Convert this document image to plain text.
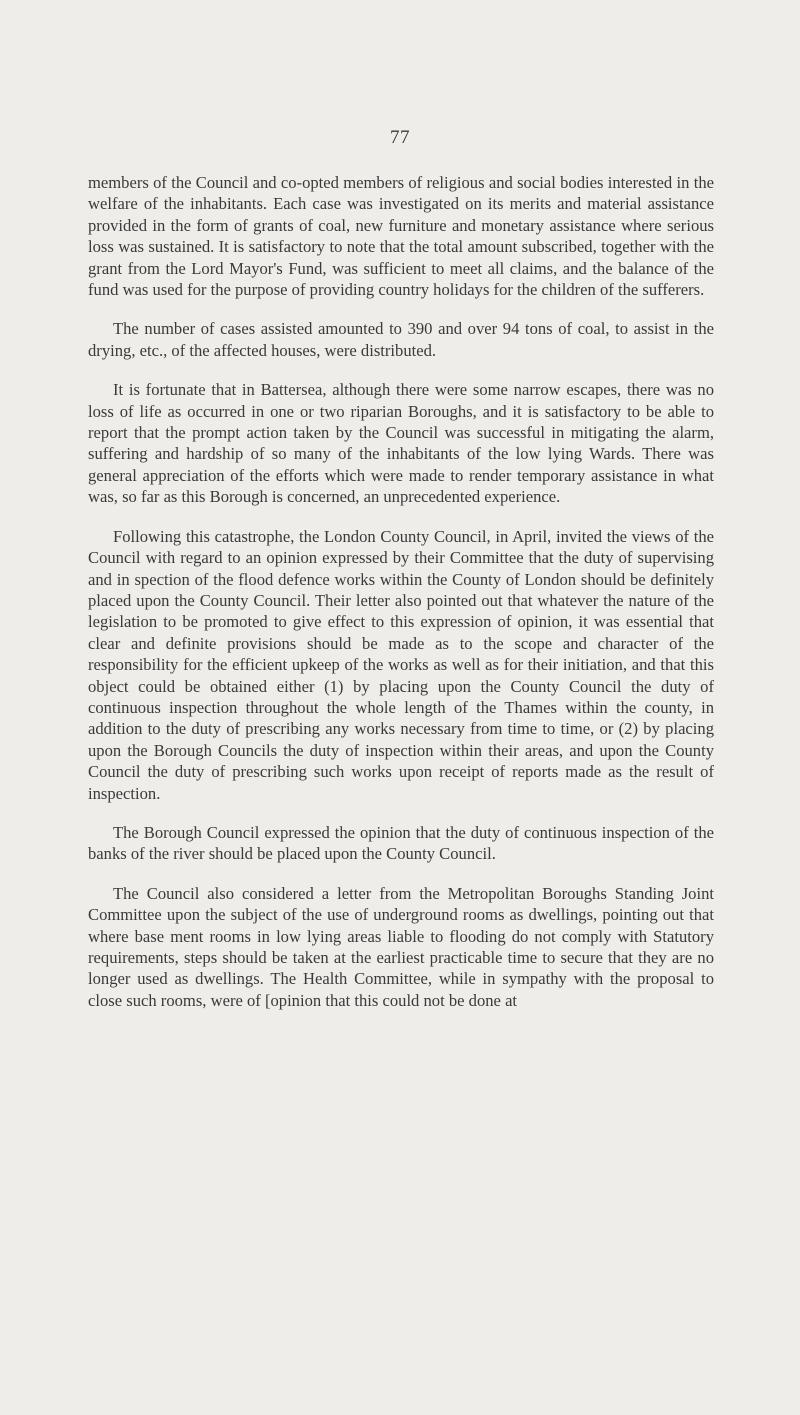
77

members of the Council and co-opted members of religious and social bodies interested in the welfare of the inhabitants. Each case was investigated on its merits and material assistance provided in the form of grants of coal, new furniture and monetary assistance where serious loss was sustained. It is satisfactory to note that the total amount subscribed, together with the grant from the Lord Mayor's Fund, was sufficient to meet all claims, and the balance of the fund was used for the purpose of providing country holidays for the children of the sufferers.

The number of cases assisted amounted to 390 and over 94 tons of coal, to assist in the drying, etc., of the affected houses, were distributed.

It is fortunate that in Battersea, although there were some narrow escapes, there was no loss of life as occurred in one or two riparian Boroughs, and it is satisfactory to be able to report that the prompt action taken by the Council was successful in mitigating the alarm, suffering and hardship of so many of the inhabitants of the low lying Wards. There was general appreciation of the efforts which were made to render temporary assistance in what was, so far as this Borough is concerned, an unprecedented experience.

Following this catastrophe, the London County Council, in April, invited the views of the Council with regard to an opinion expressed by their Committee that the duty of supervising and in spection of the flood defence works within the County of London should be definitely placed upon the County Council. Their letter also pointed out that whatever the nature of the legislation to be promoted to give effect to this expression of opinion, it was essential that clear and definite provisions should be made as to the scope and character of the responsibility for the efficient upkeep of the works as well as for their initiation, and that this object could be obtained either (1) by placing upon the County Council the duty of continuous inspection throughout the whole length of the Thames within the county, in addition to the duty of prescribing any works necessary from time to time, or (2) by placing upon the Borough Councils the duty of inspection within their areas, and upon the County Council the duty of prescribing such works upon receipt of reports made as the result of inspection.

The Borough Council expressed the opinion that the duty of continuous inspection of the banks of the river should be placed upon the County Council.

The Council also considered a letter from the Metropolitan Boroughs Standing Joint Committee upon the subject of the use of underground rooms as dwellings, pointing out that where base ment rooms in low lying areas liable to flooding do not comply with Statutory requirements, steps should be taken at the earliest practicable time to secure that they are no longer used as dwellings. The Health Committee, while in sympathy with the proposal to close such rooms, were of [opinion that this could not be done at
